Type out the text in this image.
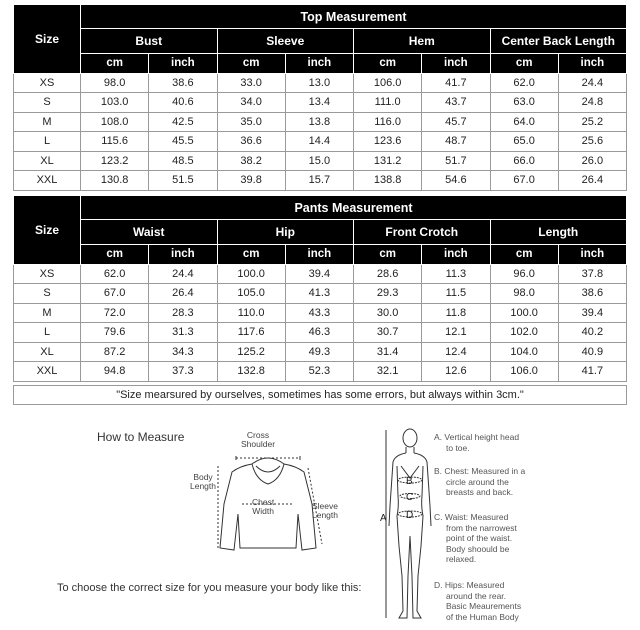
Size	Top Measurement							
	Bust		Sleeve		Hem		Center Back Length	
	cm	inch	cm	inch	cm	inch	cm	inch
XS	98.0	38.6	33.0	13.0	106.0	41.7	62.0	24.4
S	103.0	40.6	34.0	13.4	111.0	43.7	63.0	24.8
M	108.0	42.5	35.0	13.8	116.0	45.7	64.0	25.2
L	115.6	45.5	36.6	14.4	123.6	48.7	65.0	25.6
XL	123.2	48.5	38.2	15.0	131.2	51.7	66.0	26.0
XXL	130.8	51.5	39.8	15.7	138.8	54.6	67.0	26.4
Size	Pants Measurement							
	Waist		Hip		Front Crotch		Length	
	cm	inch	cm	inch	cm	inch	cm	inch
XS	62.0	24.4	100.0	39.4	28.6	11.3	96.0	37.8
S	67.0	26.4	105.0	41.3	29.3	11.5	98.0	38.6
M	72.0	28.3	110.0	43.3	30.0	11.8	100.0	39.4
L	79.6	31.3	117.6	46.3	30.7	12.1	102.0	40.2
XL	87.2	34.3	125.2	49.3	31.4	12.4	104.0	40.9
XXL	94.8	37.3	132.8	52.3	32.1	12.6	106.0	41.7
"Size mearsured by ourselves, sometimes has some errors, but always within 3cm."
How to Measure	Cross
Shoulder
Body
Length
Chest
Width	Sleeve
Length
To choose the correct size for you measure your body like this:
A
B
C
D
A. Vertical height head
to toe.
B. Chest: Measured in a
circle around the
breasts and back.
C. Waist: Measured
from the narrowest
point of the waist.
Body shoould be
relaxed.
D. Hips: Measured
around the rear.
Basic Meaurements
of the Human Body
